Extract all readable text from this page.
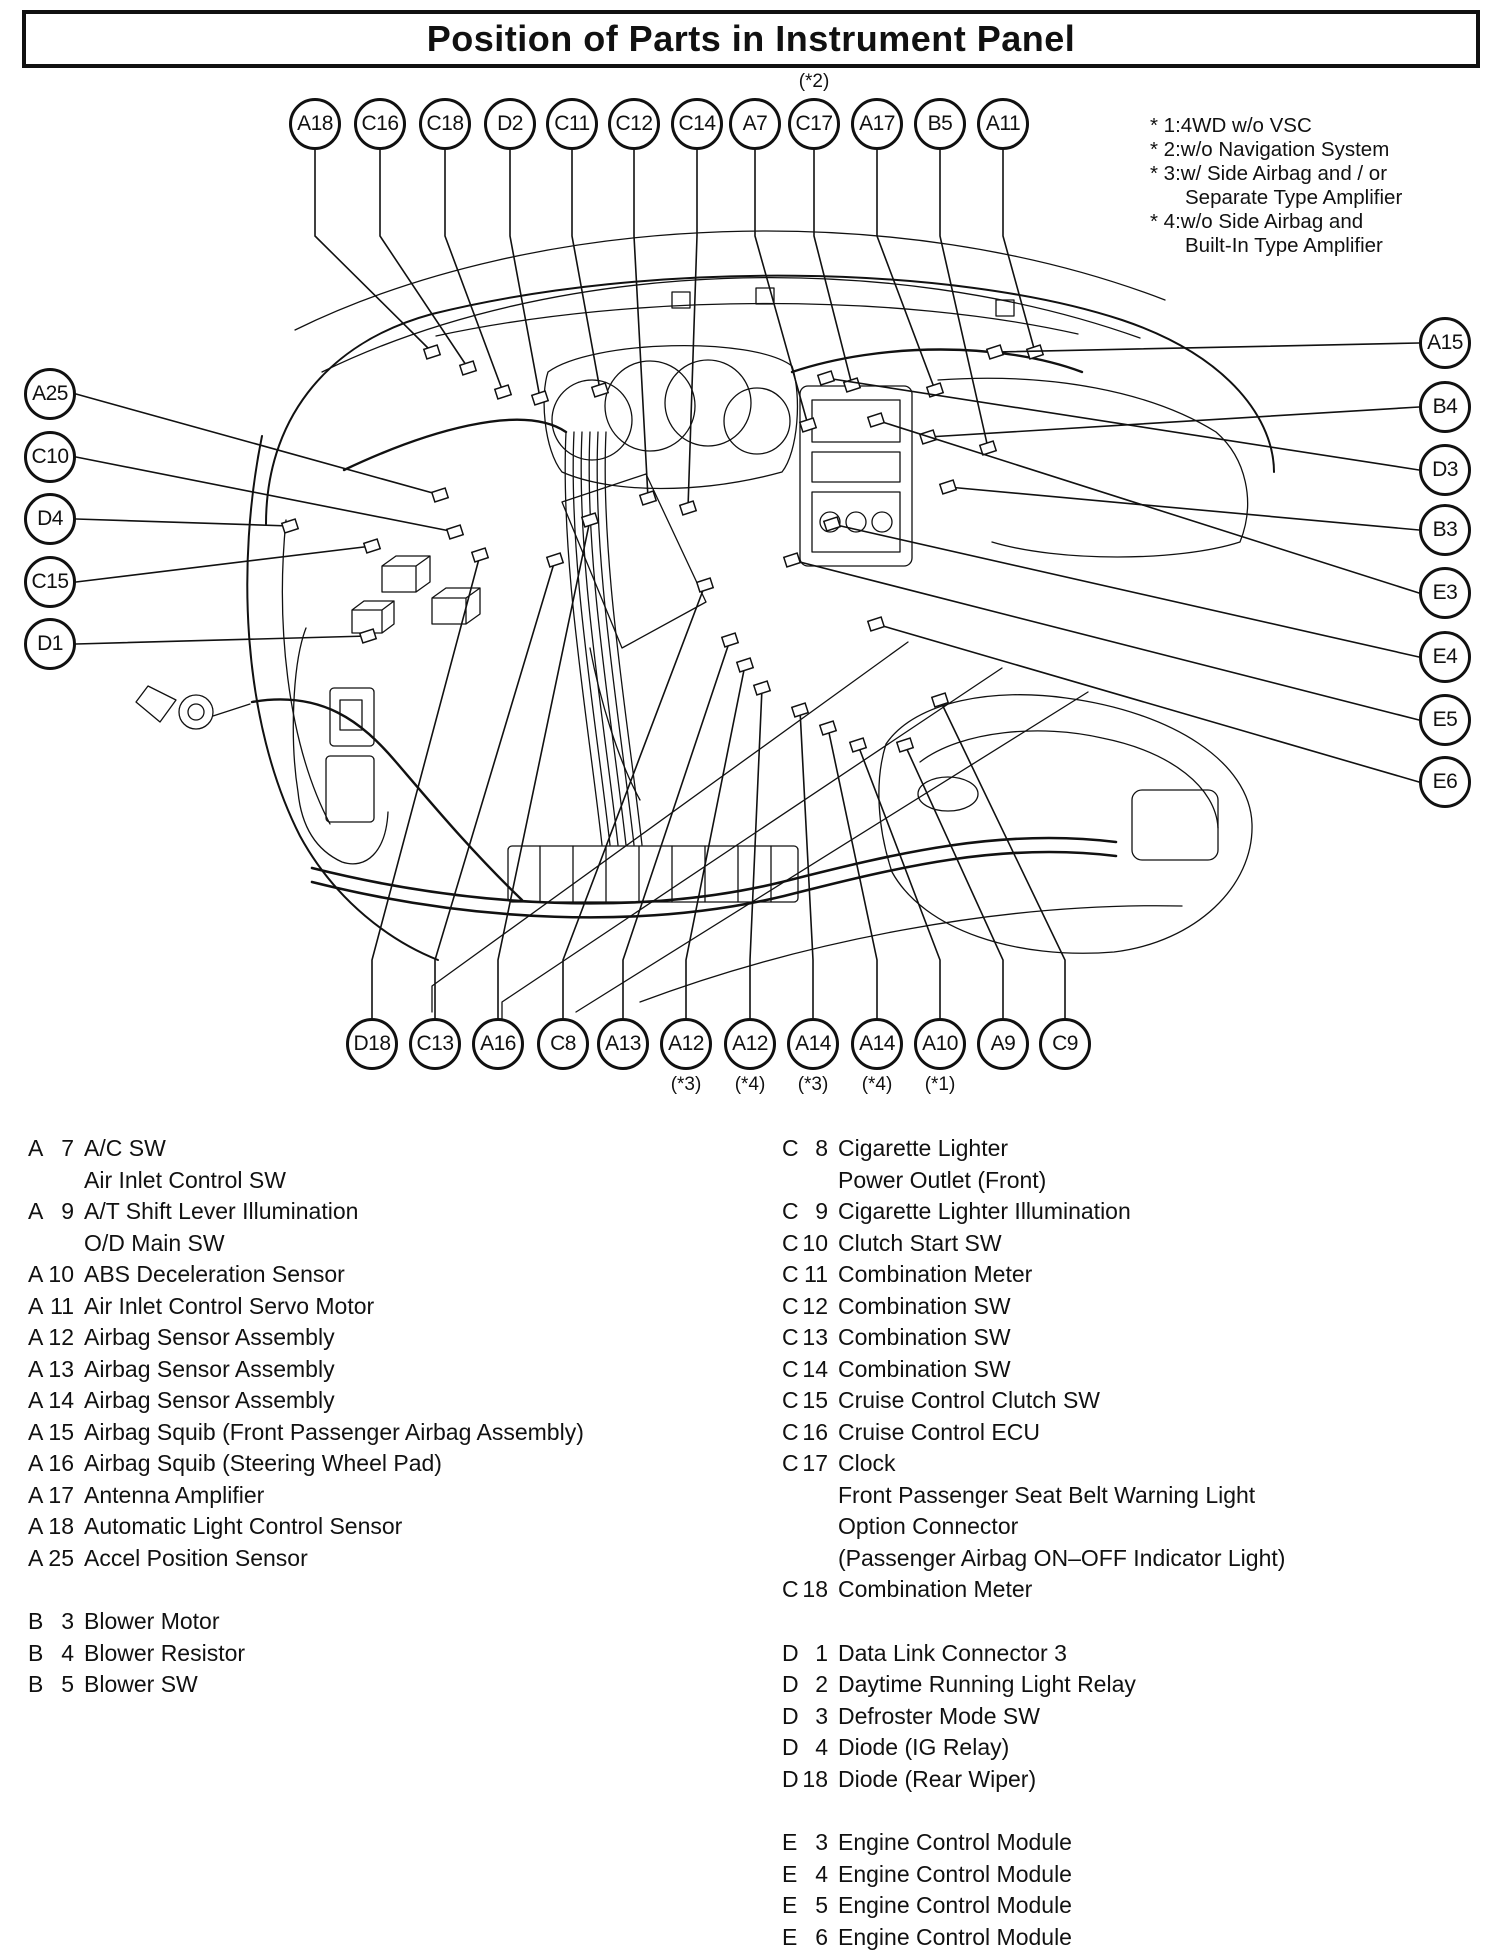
Position of Parts in Instrument Panel
A18 C16 C18 D2 C11 C12 C14 A7 C17
(*2)
A17 B5 A11
D18 C13 A16 C8 A13 A12
(*3)
A12
(*4)
A14
(*3)
A14
(*4)
A10
(*1)
A9 C9
A25
C10
D4
C15
D1
A15
B4
D3
B3
E3
E4
E5
E6
* 1:4WD w/o VSC
* 2:w/o Navigation System
* 3:w/ Side Airbag and / or
Separate Type Amplifier
* 4:w/o Side Airbag and
Built-In Type Amplifier
A 7 A/C SW
Air Inlet Control SW
A 9 A/T Shift Lever Illumination
O/D Main SW
A 10 ABS Deceleration Sensor
A 11 Air Inlet Control Servo Motor
A 12 Airbag Sensor Assembly
A 13 Airbag Sensor Assembly
A 14 Airbag Sensor Assembly
A 15 Airbag Squib (Front Passenger Airbag Assembly)
A 16 Airbag Squib (Steering Wheel Pad)
A 17 Antenna Amplifier
A 18 Automatic Light Control Sensor
A 25 Accel Position Sensor
B 3 Blower Motor
B 4 Blower Resistor
B 5 Blower SW
C 8 Cigarette Lighter
Power Outlet (Front)
C 9 Cigarette Lighter Illumination
C 10 Clutch Start SW
C 11 Combination Meter
C 12 Combination SW
C 13 Combination SW
C 14 Combination SW
C 15 Cruise Control Clutch SW
C 16 Cruise Control ECU
C 17 Clock
Front Passenger Seat Belt Warning Light
Option Connector
(Passenger Airbag ON–OFF Indicator Light)
C 18 Combination Meter
D 1 Data Link Connector 3
D 2 Daytime Running Light Relay
D 3 Defroster Mode SW
D 4 Diode (IG Relay)
D 18 Diode (Rear Wiper)
E 3 Engine Control Module
E 4 Engine Control Module
E 5 Engine Control Module
E 6 Engine Control Module
